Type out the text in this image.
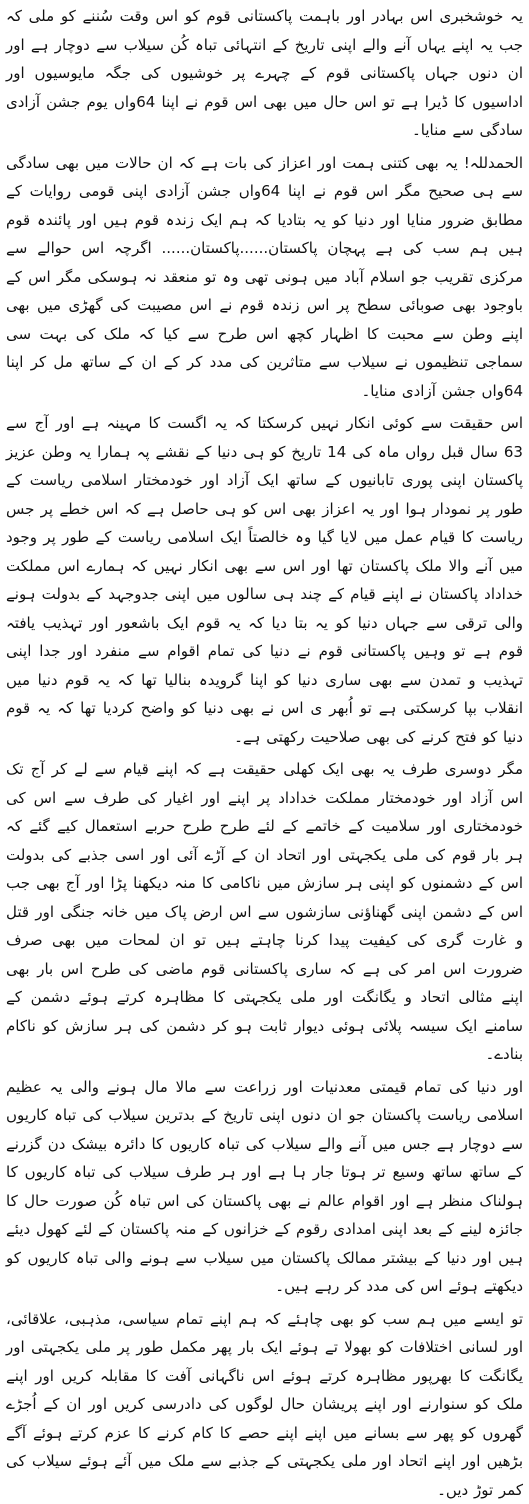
یہ خوشخبری اس بہادر اور باہمت پاکستانی قوم کو اس وقت سُننے کو ملی کہ جب یہ اپنے یہاں آنے والے اپنی تاریخ کے انتہائی تباہ کُن سیلاب سے دوچار ہے اور ان دنوں جہاں پاکستانی قوم کے چہرے پر خوشیوں کی جگہ مایوسیوں اور اداسیوں کا ڈیرا ہے تو اس حال میں بھی اس قوم نے اپنا 64واں یوم جشن آزادی سادگی سے منایا۔

الحمدللہ! یہ بھی کتنی ہمت اور اعزاز کی بات ہے کہ ان حالات میں بھی سادگی سے ہی صحیح مگر اس قوم نے اپنا 64واں جشن آزادی اپنی قومی روایات کے مطابق ضرور منایا اور دنیا کو یہ بتادیا کہ ہم ایک زندہ قوم ہیں اور پائندہ قوم ہیں ہم سب کی ہے پہچان پاکستان......پاکستان...... اگرچہ اس حوالے سے مرکزی تقریب جو اسلام آباد میں ہونی تھی وہ تو منعقد نہ ہوسکی مگر اس کے باوجود بھی صوبائی سطح پر اس زندہ قوم نے اس مصیبت کی گھڑی میں بھی اپنے وطن سے محبت کا اظہار کچھ اس طرح سے کیا کہ ملک کی بہت سی سماجی تنظیموں نے سیلاب سے متاثرین کی مدد کر کے ان کے ساتھ مل کر اپنا 64واں جشن آزادی منایا۔

اس حقیقت سے کوئی انکار نہیں کرسکتا کہ یہ اگست کا مہینہ ہے اور آج سے 63 سال قبل رواں ماہ کی 14 تاریخ کو ہی دنیا کے نقشے پہ ہمارا یہ وطن عزیز پاکستان اپنی پوری تابانیوں کے ساتھ ایک آزاد اور خودمختار اسلامی ریاست کے طور پر نمودار ہوا اور یہ اعزاز بھی اس کو ہی حاصل ہے کہ اس خطے پر جس ریاست کا قیام عمل میں لایا گیا وہ خالصتاً ایک اسلامی ریاست کے طور پر وجود میں آنے والا ملک پاکستان تھا اور اس سے بھی انکار نہیں کہ ہمارے اس مملکت خداداد پاکستان نے اپنے قیام کے چند ہی سالوں میں اپنی جدوجہد کے بدولت ہونے والی ترقی سے جہاں دنیا کو یہ بتا دیا کہ یہ قوم ایک باشعور اور تہذیب یافتہ قوم ہے تو وہیں پاکستانی قوم نے دنیا کی تمام اقوام سے منفرد اور جدا اپنی تہذیب و تمدن سے بھی ساری دنیا کو اپنا گرویدہ بنالیا تھا کہ یہ قوم دنیا میں انقلاب بپا کرسکتی ہے تو اُبھر ی اس نے بھی دنیا کو واضح کردیا تھا کہ یہ قوم دنیا کو فتح کرنے کی بھی صلاحیت رکھتی ہے۔

مگر دوسری طرف یہ بھی ایک کھلی حقیقت ہے کہ اپنے قیام سے لے کر آج تک اس آزاد اور خودمختار مملکت خداداد پر اپنے اور اغیار کی طرف سے اس کی خودمختاری اور سلامیت کے خاتمے کے لئے طرح طرح حربے استعمال کیے گئے کہ ہر بار قوم کی ملی یکجہتی اور اتحاد ان کے آڑے آئی اور اسی جذبے کی بدولت اس کے دشمنوں کو اپنی ہر سازش میں ناکامی کا منہ دیکھنا پڑا اور آج بھی جب اس کے دشمن اپنی گھناؤنی سازشوں سے اس ارض پاک میں خانہ جنگی اور قتل و غارت گری کی کیفیت پیدا کرنا چاہتے ہیں تو ان لمحات میں بھی صرف ضرورت اس امر کی ہے کہ ساری پاکستانی قوم ماضی کی طرح اس بار بھی اپنے مثالی اتحاد و یگانگت اور ملی یکجہتی کا مظاہرہ کرتے ہوئے دشمن کے سامنے ایک سیسہ پلائی ہوئی دیوار ثابت ہو کر دشمن کی ہر سازش کو ناکام بنادے۔

اور دنیا کی تمام قیمتی معدنیات اور زراعت سے مالا مال ہونے والی یہ عظیم اسلامی ریاست پاکستان جو ان دنوں اپنی تاریخ کے بدترین سیلاب کی تباہ کاریوں سے دوچار ہے جس میں آنے والے سیلاب کی تباہ کاریوں کا دائرہ بیشک دن گزرنے کے ساتھ ساتھ وسیع تر ہوتا جار ہا ہے اور ہر طرف سیلاب کی تباہ کاریوں کا ہولناک منظر ہے اور اقوام عالم نے بھی پاکستان کی اس تباہ کُن صورت حال کا جائزہ لینے کے بعد اپنی امدادی رقوم کے خزانوں کے منہ پاکستان کے لئے کھول دیئے ہیں اور دنیا کے بیشتر ممالک پاکستان میں سیلاب سے ہونے والی تباہ کاریوں کو دیکھتے ہوئے اس کی مدد کر رہے ہیں۔

تو ایسے میں ہم سب کو بھی چاہئے کہ ہم اپنے تمام سیاسی، مذہبی، علاقائی، اور لسانی اختلافات کو بھولا تے ہوئے ایک بار پھر مکمل طور پر ملی یکجہتی اور یگانگت کا بھرپور مظاہرہ کرتے ہوئے اس ناگہانی آفت کا مقابلہ کریں اور اپنے ملک کو سنوارنے اور اپنے پریشان حال لوگوں کی دادرسی کریں اور ان کے اُجڑے گھروں کو پھر سے بسانے میں اپنے اپنے حصے کا کام کرنے کا عزم کرتے ہوئے آگے بڑھیں اور اپنے اتحاد اور ملی یکجہتی کے جذبے سے ملک میں آئے ہوئے سیلاب کی کمر توڑ دیں۔
